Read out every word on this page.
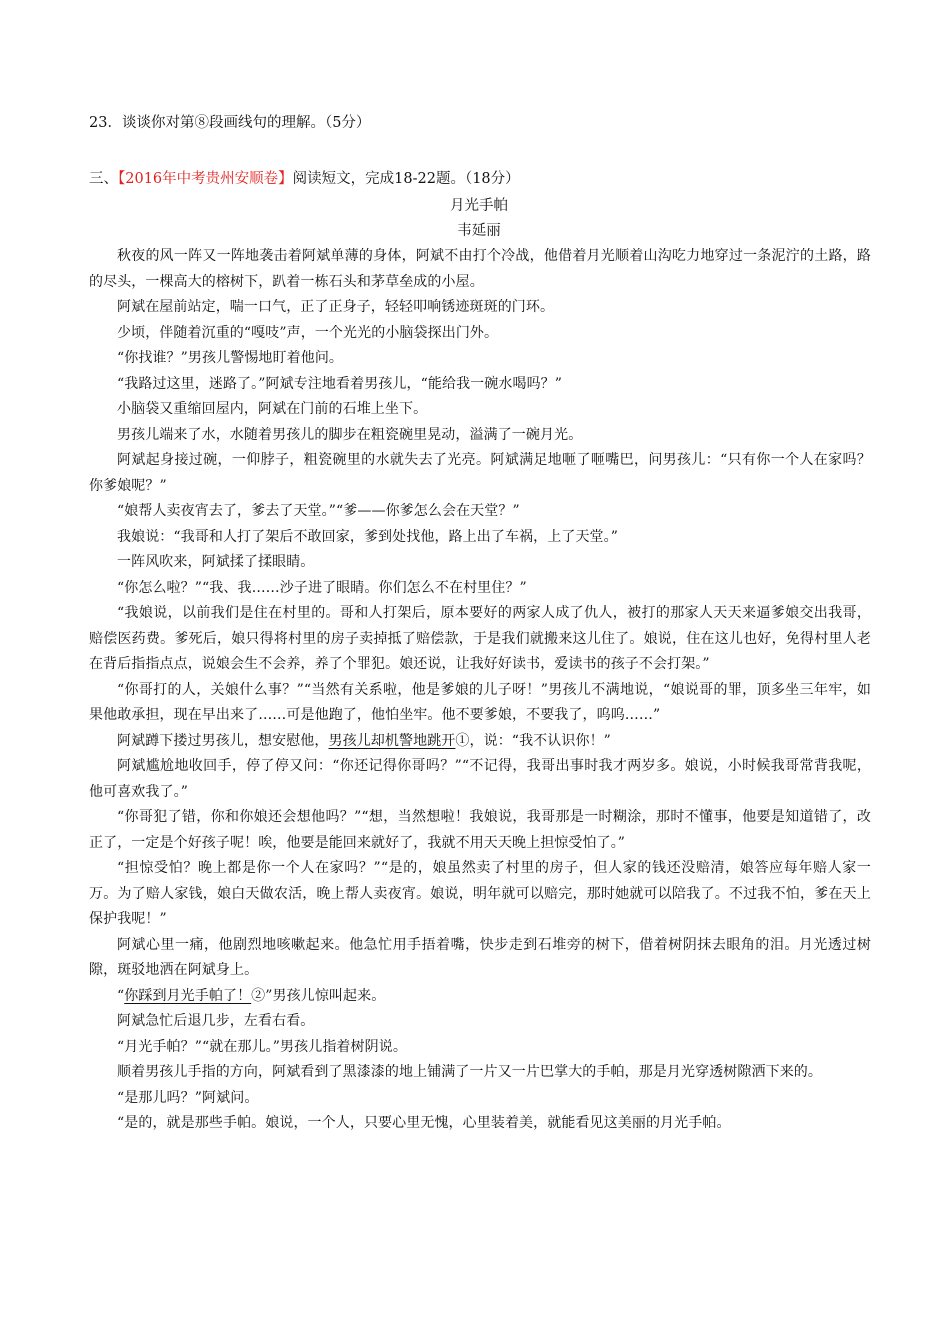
23．谈谈你对第⑧段画线句的理解。（5分）
三、【2016年中考贵州安顺卷】阅读短文，完成18-22题。（18分）
月光手帕
韦延丽

秋夜的风一阵又一阵地袭击着阿斌单薄的身体，阿斌不由打个冷战，他借着月光顺着山沟吃力地穿过一条泥泞的土路，路的尽头，一棵高大的榕树下，趴着一栋石头和茅草垒成的小屋。

阿斌在屋前站定，喘一口气，正了正身子，轻轻叩响锈迹斑斑的门环。

少顷，伴随着沉重的“嘎吱”声，一个光光的小脑袋探出门外。

“你找谁？”男孩儿警惕地盯着他问。

“我路过这里，迷路了。”阿斌专注地看着男孩儿，“能给我一碗水喝吗？”

小脑袋又重缩回屋内，阿斌在门前的石堆上坐下。

男孩儿端来了水，水随着男孩儿的脚步在粗瓷碗里晃动，溢满了一碗月光。

阿斌起身接过碗，一仰脖子，粗瓷碗里的水就失去了光亮。阿斌满足地咂了咂嘴巴，问男孩儿：“只有你一个人在家吗？你爹娘呢？”

“娘帮人卖夜宵去了，爹去了天堂。”“爹——你爹怎么会在天堂？”

我娘说：“我哥和人打了架后不敢回家，爹到处找他，路上出了车祸，上了天堂。”

一阵风吹来，阿斌揉了揉眼睛。

“你怎么啦？”“我、我……沙子进了眼睛。你们怎么不在村里住？”

“我娘说，以前我们是住在村里的。哥和人打架后，原本要好的两家人成了仇人，被打的那家人天天来逼爹娘交出我哥，赔偿医药费。爹死后，娘只得将村里的房子卖掉抵了赔偿款，于是我们就搬来这儿住了。娘说，住在这儿也好，免得村里人老在背后指指点点，说娘会生不会养，养了个罪犯。娘还说，让我好好读书，爱读书的孩子不会打架。”

“你哥打的人，关娘什么事？”“当然有关系啦，他是爹娘的儿子呀！”男孩儿不满地说，“娘说哥的罪，顶多坐三年牢，如果他敢承担，现在早出来了……可是他跑了，他怕坐牢。他不要爹娘，不要我了，呜呜……”

阿斌蹲下搂过男孩儿，想安慰他，男孩儿却机警地跳开①，说：“我不认识你！”

阿斌尴尬地收回手，停了停又问：“你还记得你哥吗？”“不记得，我哥出事时我才两岁多。娘说，小时候我哥常背我呢，他可喜欢我了。”

“你哥犯了错，你和你娘还会想他吗？”“想，当然想啦！我娘说，我哥那是一时糊涂，那时不懂事，他要是知道错了，改正了，一定是个好孩子呢！唉，他要是能回来就好了，我就不用天天晚上担惊受怕了。”

“担惊受怕？晚上都是你一个人在家吗？”“是的，娘虽然卖了村里的房子，但人家的钱还没赔清，娘答应每年赔人家一万。为了赔人家钱，娘白天做农活，晚上帮人卖夜宵。娘说，明年就可以赔完，那时她就可以陪我了。不过我不怕，爹在天上保护我呢！”

阿斌心里一痛，他剧烈地咳嗽起来。他急忙用手捂着嘴，快步走到石堆旁的树下，借着树阴抹去眼角的泪。月光透过树隙，斑驳地洒在阿斌身上。

“你踩到月光手帕了！②”男孩儿惊叫起来。

阿斌急忙后退几步，左看右看。

“月光手帕？”“就在那儿。”男孩儿指着树阴说。

顺着男孩儿手指的方向，阿斌看到了黑漆漆的地上铺满了一片又一片巴掌大的手帕，那是月光穿透树隙洒下来的。

“是那儿吗？”阿斌问。

“是的，就是那些手帕。娘说，一个人，只要心里无愧，心里装着美，就能看见这美丽的月光手帕。
